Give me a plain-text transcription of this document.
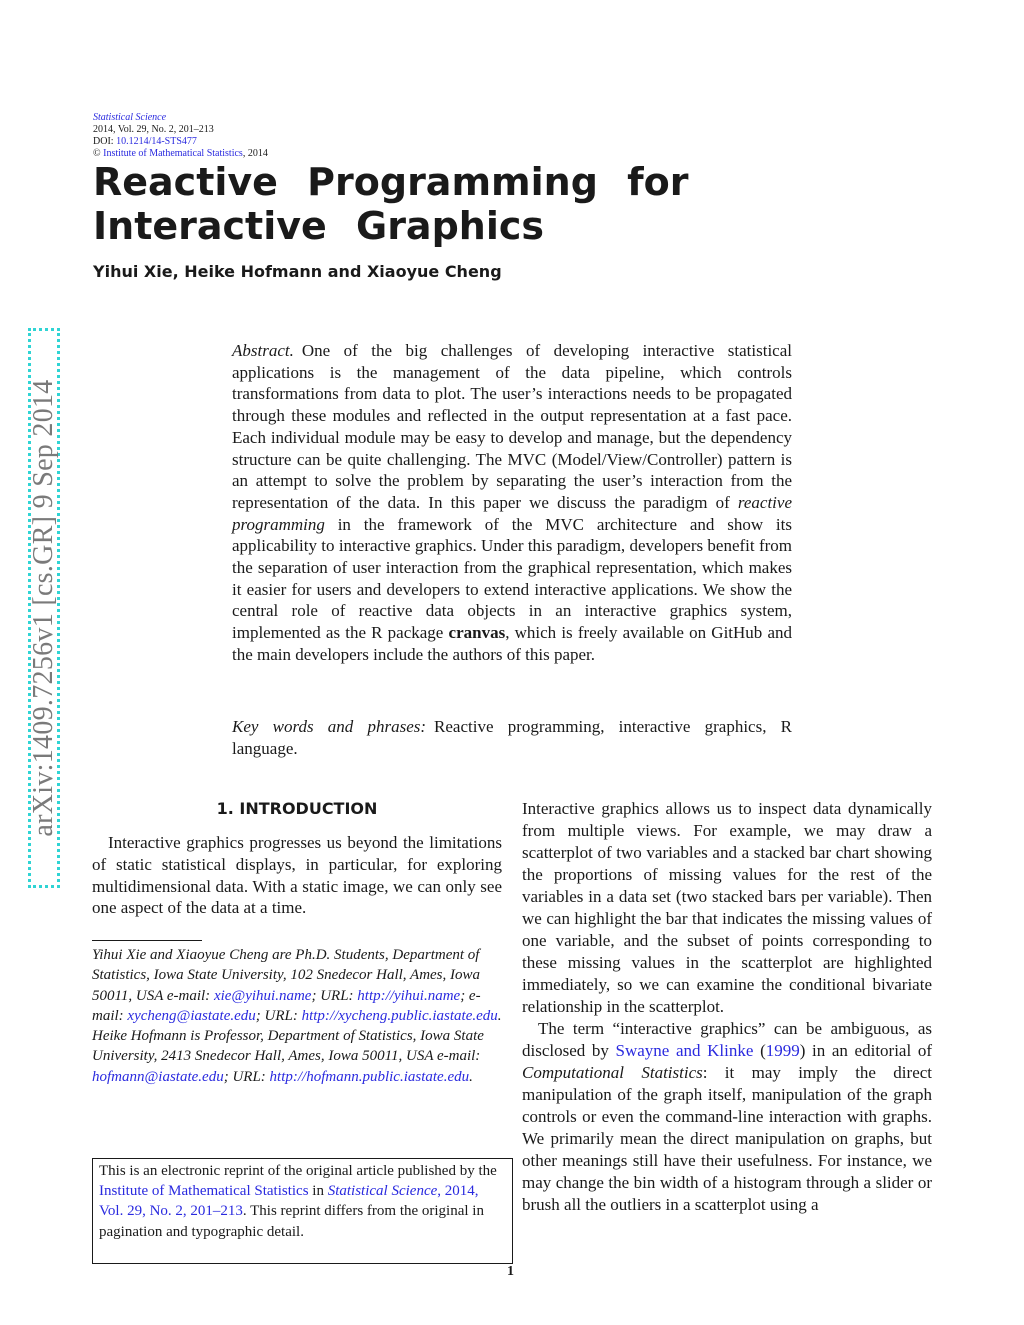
arXiv:1409.7256v1 [cs.GR] 9 Sep 2014
Statistical Science
2014, Vol. 29, No. 2, 201–213
DOI: 10.1214/14-STS477
© Institute of Mathematical Statistics, 2014
Reactive Programming for Interactive Graphics
Yihui Xie, Heike Hofmann and Xiaoyue Cheng

Abstract. One of the big challenges of developing interactive statistical applications is the management of the data pipeline, which controls transformations from data to plot. The user’s interactions needs to be propagated through these modules and reflected in the output representation at a fast pace. Each individual module may be easy to develop and manage, but the dependency structure can be quite challenging. The MVC (Model/View/Controller) pattern is an attempt to solve the problem by separating the user’s interaction from the representation of the data. In this paper we discuss the paradigm of reactive programming in the framework of the MVC architecture and show its applicability to interactive graphics. Under this paradigm, developers benefit from the separation of user interaction from the graphical representation, which makes it easier for users and developers to extend interactive applications. We show the central role of reactive data objects in an interactive graphics system, implemented as the R package cranvas, which is freely available on GitHub and the main developers include the authors of this paper.

Key words and phrases: Reactive programming, interactive graphics, R language.

1. INTRODUCTION

Interactive graphics progresses us beyond the limitations of static statistical displays, in particular, for exploring multidimensional data. With a static image, we can only see one aspect of the data at a time.

Yihui Xie and Xiaoyue Cheng are Ph.D. Students, Department of Statistics, Iowa State University, 102 Snedecor Hall, Ames, Iowa 50011, USA e-mail: xie@yihui.name; URL: http://yihui.name; e-mail: xycheng@iastate.edu; URL: http://xycheng.public.iastate.edu. Heike Hofmann is Professor, Department of Statistics, Iowa State University, 2413 Snedecor Hall, Ames, Iowa 50011, USA e-mail: hofmann@iastate.edu; URL: http://hofmann.public.iastate.edu.

This is an electronic reprint of the original article published by the Institute of Mathematical Statistics in Statistical Science, 2014, Vol. 29, No. 2, 201–213. This reprint differs from the original in pagination and typographic detail.

Interactive graphics allows us to inspect data dynamically from multiple views. For example, we may draw a scatterplot of two variables and a stacked bar chart showing the proportions of missing values for the rest of the variables in a data set (two stacked bars per variable). Then we can highlight the bar that indicates the missing values of one variable, and the subset of points corresponding to these missing values in the scatterplot are highlighted immediately, so we can examine the conditional bivariate relationship in the scatterplot.

The term “interactive graphics” can be ambiguous, as disclosed by Swayne and Klinke (1999) in an editorial of Computational Statistics: it may imply the direct manipulation of the graph itself, manipulation of the graph controls or even the command-line interaction with graphs. We primarily mean the direct manipulation on graphs, but other meanings still have their usefulness. For instance, we may change the bin width of a histogram through a slider or brush all the outliers in a scatterplot using a

1
